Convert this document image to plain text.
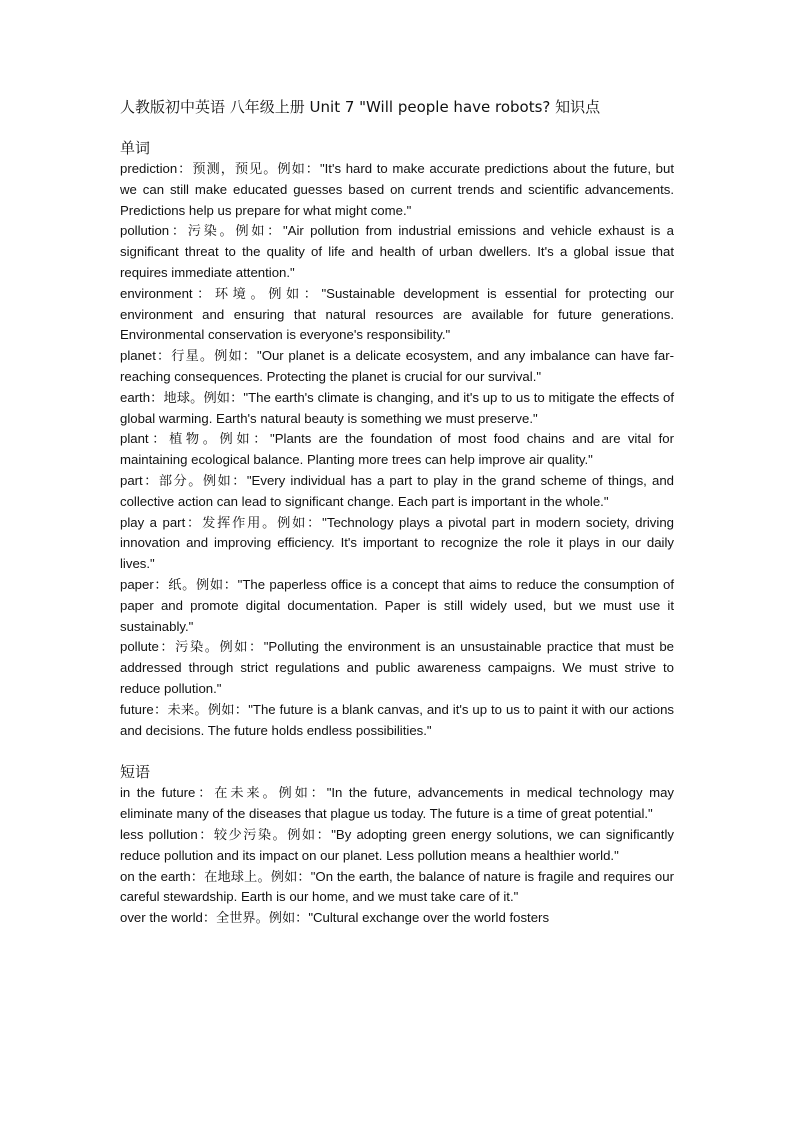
人教版初中英语 八年级上册 Unit 7 "Will people have robots? 知识点
单词

prediction：预测，预见。例如："It's hard to make accurate predictions about the future, but we can still make educated guesses based on current trends and scientific advancements. Predictions help us prepare for what might come."

pollution：污染。例如："Air pollution from industrial emissions and vehicle exhaust is a significant threat to the quality of life and health of urban dwellers. It's a global issue that requires immediate attention."

environment：环境。例如："Sustainable development is essential for protecting our environment and ensuring that natural resources are available for future generations. Environmental conservation is everyone's responsibility."

planet：行星。例如："Our planet is a delicate ecosystem, and any imbalance can have far-reaching consequences. Protecting the planet is crucial for our survival."

earth：地球。例如："The earth's climate is changing, and it's up to us to mitigate the effects of global warming. Earth's natural beauty is something we must preserve."

plant：植物。例如："Plants are the foundation of most food chains and are vital for maintaining ecological balance. Planting more trees can help improve air quality."

part：部分。例如："Every individual has a part to play in the grand scheme of things, and collective action can lead to significant change. Each part is important in the whole."

play a part：发挥作用。例如："Technology plays a pivotal part in modern society, driving innovation and improving efficiency. It's important to recognize the role it plays in our daily lives."

paper：纸。例如："The paperless office is a concept that aims to reduce the consumption of paper and promote digital documentation. Paper is still widely used, but we must use it sustainably."

pollute：污染。例如："Polluting the environment is an unsustainable practice that must be addressed through strict regulations and public awareness campaigns. We must strive to reduce pollution."

future：未来。例如："The future is a blank canvas, and it's up to us to paint it with our actions and decisions. The future holds endless possibilities."

短语

in the future：在未来。例如："In the future, advancements in medical technology may eliminate many of the diseases that plague us today. The future is a time of great potential."

less pollution：较少污染。例如："By adopting green energy solutions, we can significantly reduce pollution and its impact on our planet. Less pollution means a healthier world."

on the earth：在地球上。例如："On the earth, the balance of nature is fragile and requires our careful stewardship. Earth is our home, and we must take care of it."

over the world：全世界。例如："Cultural exchange over the world fosters
